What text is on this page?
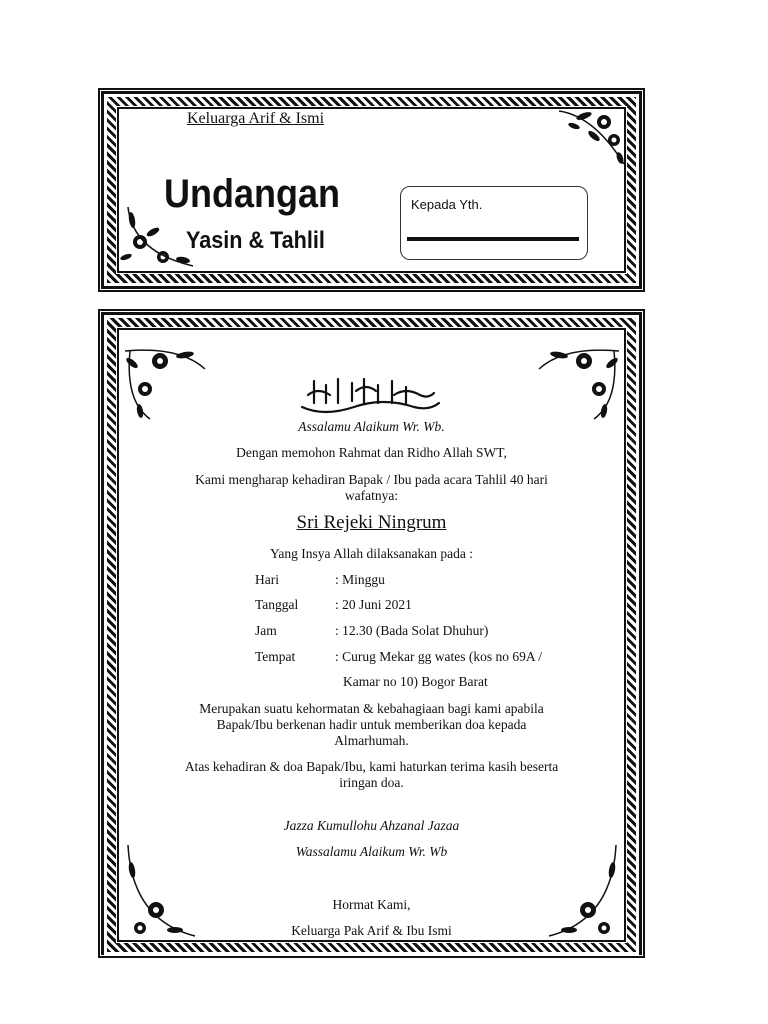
Keluarga Arif & Ismi
Undangan
Yasin & Tahlil
Kepada Yth.
Assalamu Alaikum Wr. Wb.
Dengan memohon Rahmat dan Ridho Allah SWT,
Kami mengharap kehadiran Bapak / Ibu pada acara Tahlil 40 hari
wafatnya:
Sri Rejeki Ningrum
Yang Insya Allah dilaksanakan pada :
Hari	: Minggu
Tanggal	: 20 Juni 2021
Jam	: 12.30 (Bada Solat Dhuhur)
Tempat	: Curug Mekar gg wates (kos no 69A /
Kamar no 10) Bogor Barat
Merupakan suatu kehormatan & kebahagiaan bagi kami apabila
Bapak/Ibu berkenan hadir untuk memberikan doa kepada
Almarhumah.
Atas kehadiran & doa Bapak/Ibu, kami haturkan terima kasih beserta
iringan doa.
Jazza Kumullohu Ahzanal Jazaa
Wassalamu Alaikum Wr. Wb
Hormat Kami,
Keluarga Pak Arif & Ibu Ismi
